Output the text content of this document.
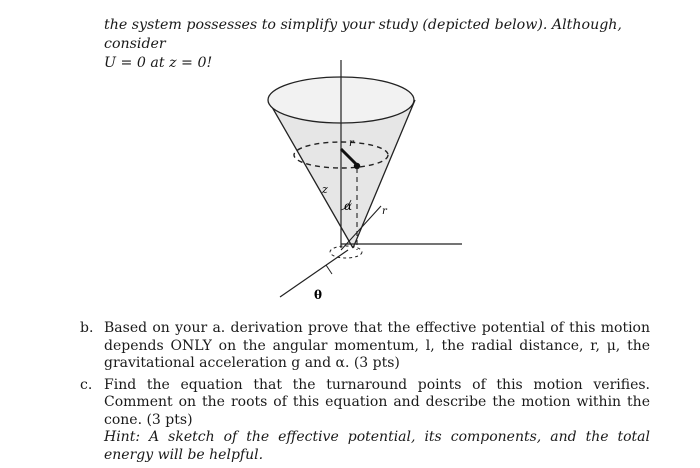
the system possesses to simplify your study (depicted below). Although, consider
U = 0 at z = 0!
r
z
α	r
θ
b. Based on your a. derivation prove that the effective potential of this motion depends ONLY on the angular momentum, l, the radial distance, r, μ, the gravitational acceleration g and α. (3 pts)
c. Find the equation that the turnaround points of this motion verifies. Comment on the roots of this equation and describe the motion within the cone. (3 pts)
Hint: A sketch of the effective potential, its components, and the total energy will be helpful.
